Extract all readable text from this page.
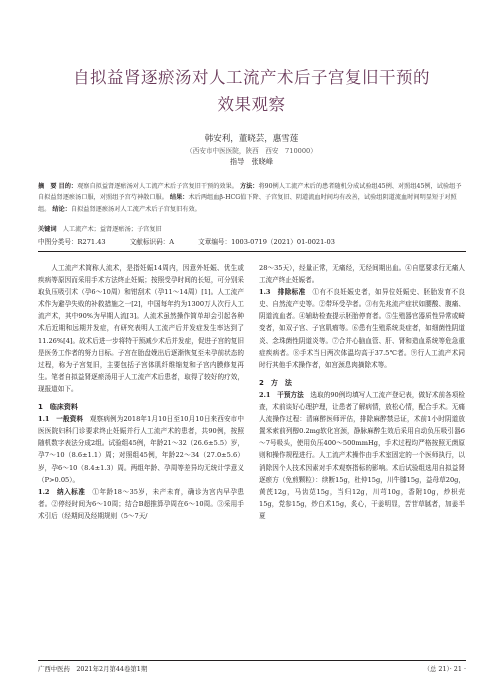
自拟益肾逐瘀汤对人工流产术后子宫复旧干预的
效果观察
韩安利，董晓芸，惠雪莲
（西安市中医医院，陕西　西安　710000）
指导　张晓峰
摘　要 目的：观察自拟益肾逐瘀汤对人工流产术后子宫复旧干预的效果。 方法：将90例人工流产术后的患者随机分成试验组45例、对照组45例，试验组予自拟益肾逐瘀汤口服，对照组予宫芍神散口服。 结果：术后两组血β-HCG值下降、子宫复旧、阴道流血时间均有改善，试验组阴道流血时间明显短于对照组。 结论：自拟益肾逐瘀汤对人工流产术后子宫复旧有效。
关键词　 人工流产术；益肾逐瘀汤；子宫复旧
中图分类号：R271.43	文献标识码：A	文章编号：1003-0719（2021）01-0021-03

人工流产术简称人流术，是指妊娠14周内，因意外妊娠、优生或疾病等原因而采用手术方法终止妊娠；按照受孕时间的长短，可分别采取负压吸引术（孕6～10周）和钳刮术（孕11～14周）[1]。人工流产术作为避孕失败的补救措施之一[2]，中国每年约为1300万人次行人工流产术，其中90%为早期人流[3]。人流术虽然操作简单却会引起各种术后近期和远期并发症，有研究表明人工流产后并发症发生率达到了11.26%[4]。故术后进一步将特干预减少术后并发症，促进子宫的复旧是医务工作者的努力目标。子宫在胎盘娩出后逐渐恢复至未孕前状态的过程，称为子宫复旧，主要包括子宫体肌纤维缩复和子宫内膜修复再生。笔者自拟益肾逐瘀汤用于人工流产术后患者，取得了较好的疗效，现报道如下。

1　临床资料

1.1　一般资料　 观察病例为2018年1月10日至10月10日来西安市中医医院妇科门诊要求终止妊娠并行人工流产术的患者，共90例，按照随机数字表法分成2组。试验组45例，年龄21～32（26.6±5.5）岁，孕7～10（8.6±1.1）周；对照组45例，年龄22～34（27.0±5.6）岁，孕6～10（8.4±1.3）周。两组年龄、孕周等差异均无统计学意义（P>0.05）。

1.2　纳入标准　 ①年龄18～35岁，未产未育，确诊为宫内早孕患者。②停经时间为6～10周；结合B超推算孕周在6～10周。③采用手术引后（经期间及经期规则（5～7天/

28～35天），经量正常，无痛经，无经间期出血。④自愿要求行无痛人工流产终止妊娠者。

1.3　排除标准　 ①有不良妊娠史者，如异位妊娠史、胚胎发育不良史、自然流产史等。②带环受孕者。③有先兆流产症状如腰酸、腹痛、阴道流血者。④辅助检查提示胚胎停育者。⑤生殖器官器质性异常或畸变者，如双子宫、子宫肌瘤等。⑥患有生殖系统炎症者，如细菌性阴道炎、念珠菌性阴道炎等。⑦合并心脑血管、肝、肾和造血系统等危急重症疾病者。⑧手术当日两次体温均高于37.5℃者。⑨行人工流产术同时行其他手术操作者，如宫颈息肉摘除术等。

2　方　法

2.1　干预方法　 选取的90例均填写人工流产登记表，做好术前各项检查，术前谈好心理护理，让患者了解病情，放松心情，配合手术。无痛人流操作过程：清麻醉医师评估，排除麻醉禁忌证，术前1小时阴道放置米索前列醇0.2mg软化宫颈，静脉麻醉生效后采用自动负压吸引器6～7号吸头，使用负压400～500mmHg，手术过程均严格按照无菌原则和操作规程进行。人工流产术操作由手术室固定的一个医师执行，以消除因个人技术因素对手术观察指标的影响。术后试验组选用自拟益肾逐瘀方（免煎颗粒）：续断15g，杜仲15g，川牛膝15g，益母草20g，黄芪12g，马齿苋15g，当归12g，川芎10g，香附10g，炒枳壳15g，党参15g，炒白术15g，炙心，干姜明显，苦苷草腻者，加姜半夏

广西中医药　2021年2月第44卷第1期	（总 21）· 21 ·
